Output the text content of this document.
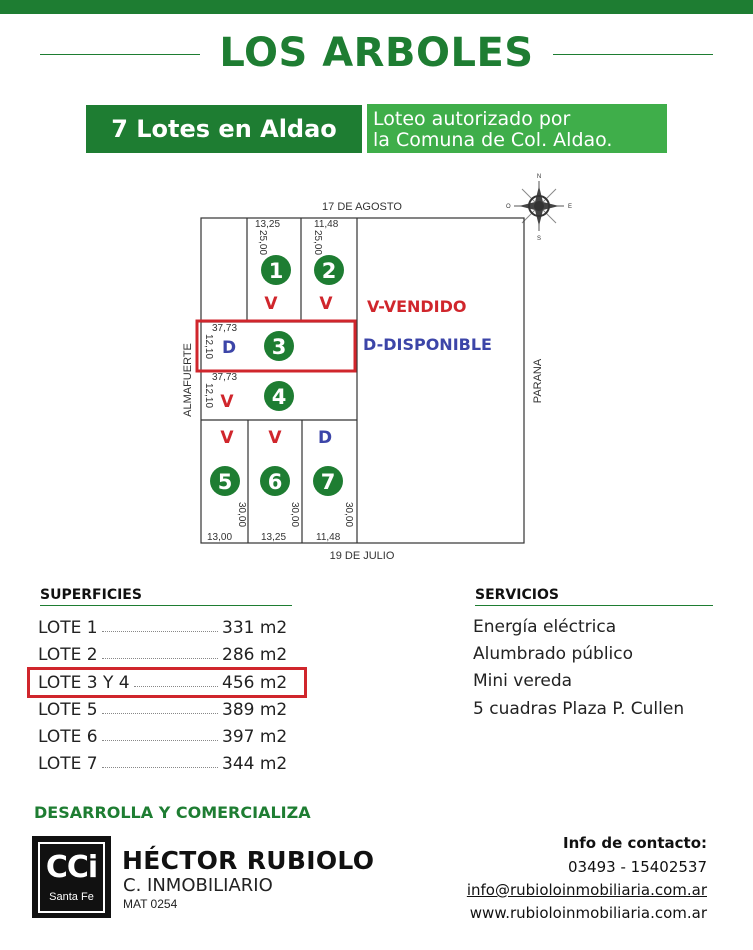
LOS ARBOLES
7 Lotes en Aldao Loteo autorizado por
la Comuna de Col. Aldao.
N
S
E
O
17 DE AGOSTO
19 DE JULIO
ALMAFUERTE	PARANA
13,25
25,00
11,48
25,00
37,73
12,10
37,73
12,10
13,00
30,00
13,25
30,00
11,48
30,00
1
V
2
V
3
D
4
V
5
V
6
V
7
D
V-VENDIDO
D-DISPONIBLE
SUPERFICIES
LOTE 1	331 m2
LOTE 2	286 m2
LOTE 3 Y 4	456 m2
LOTE 5	389 m2
LOTE 6	397 m2
LOTE 7	344 m2
SERVICIOS
Energía eléctrica
Alumbrado público
Mini vereda
5 cuadras Plaza P. Cullen
DESARROLLA Y COMERCIALIZA
CCi
Santa Fe
HÉCTOR RUBIOLO
C. INMOBILIARIO
MAT 0254
Info de contacto:
03493 - 15402537
info@rubioloinmobiliaria.com.ar
www.rubioloinmobiliaria.com.ar
